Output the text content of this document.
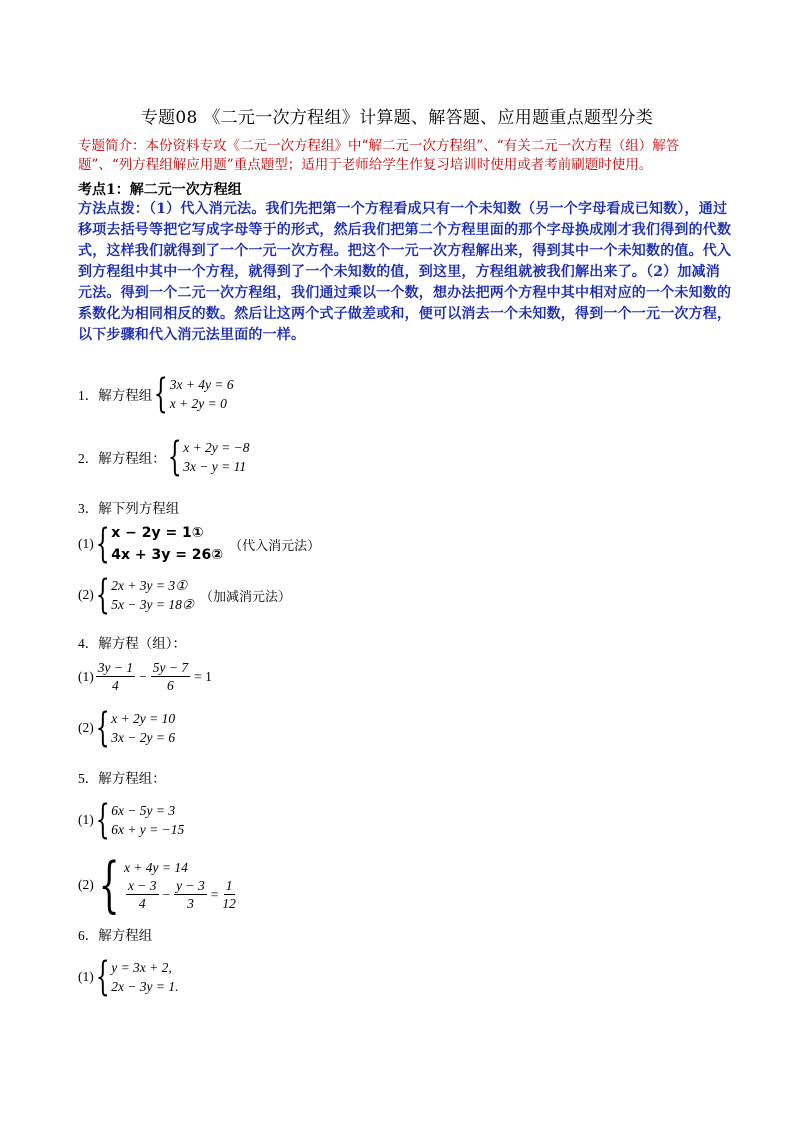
专题08 《二元一次方程组》计算题、解答题、应用题重点题型分类
专题简介：本份资料专攻《二元一次方程组》中“解二元一次方程组”、“有关二元一次方程（组）解答题”、“列方程组解应用题”重点题型；适用于老师给学生作复习培训时使用或者考前刷题时使用。
考点1：解二元一次方程组
方法点拨：（1）代入消元法。我们先把第一个方程看成只有一个未知数（另一个字母看成已知数），通过移项去括号等把它写成字母等于的形式，然后我们把第二个方程里面的那个字母换成刚才我们得到的代数式，这样我们就得到了一个一元一次方程。把这个一元一次方程解出来，得到其中一个未知数的值。代入到方程组中其中一个方程，就得到了一个未知数的值，到这里，方程组就被我们解出来了。（2）加减消元法。得到一个二元一次方程组，我们通过乘以一个数，想办法把两个方程中其中相对应的一个未知数的系数化为相同相反的数。然后让这两个式子做差或和，便可以消去一个未知数，得到一个一元一次方程，以下步骤和代入消元法里面的一样。
1．解方程组 { 3x + 4y = 6
x + 2y = 0
2．解方程组： { x + 2y = −8
3x − y = 11
3．解下列方程组
(1) { x − 2y = 1①
4x + 3y = 26②
（代入消元法）
(2) { 2x + 3y = 3①
5x − 3y = 18② （加减消元法）
4．解方程（组）：
$(1) \frac{3y - 1}{4} - \frac{5y - 7}{6} = 1$
(2) { x + 2y = 10
3x − 2y = 6
5．解方程组：
(1) { 6x − 5y = 3
6x + y = −15
(2) { x + 4y = 14
$\frac{x - 3}{4} - \frac{y - 3}{3} = \frac{1}{12}$
6．解方程组
(1) { y = 3x + 2,
2x − 3y = 1.
